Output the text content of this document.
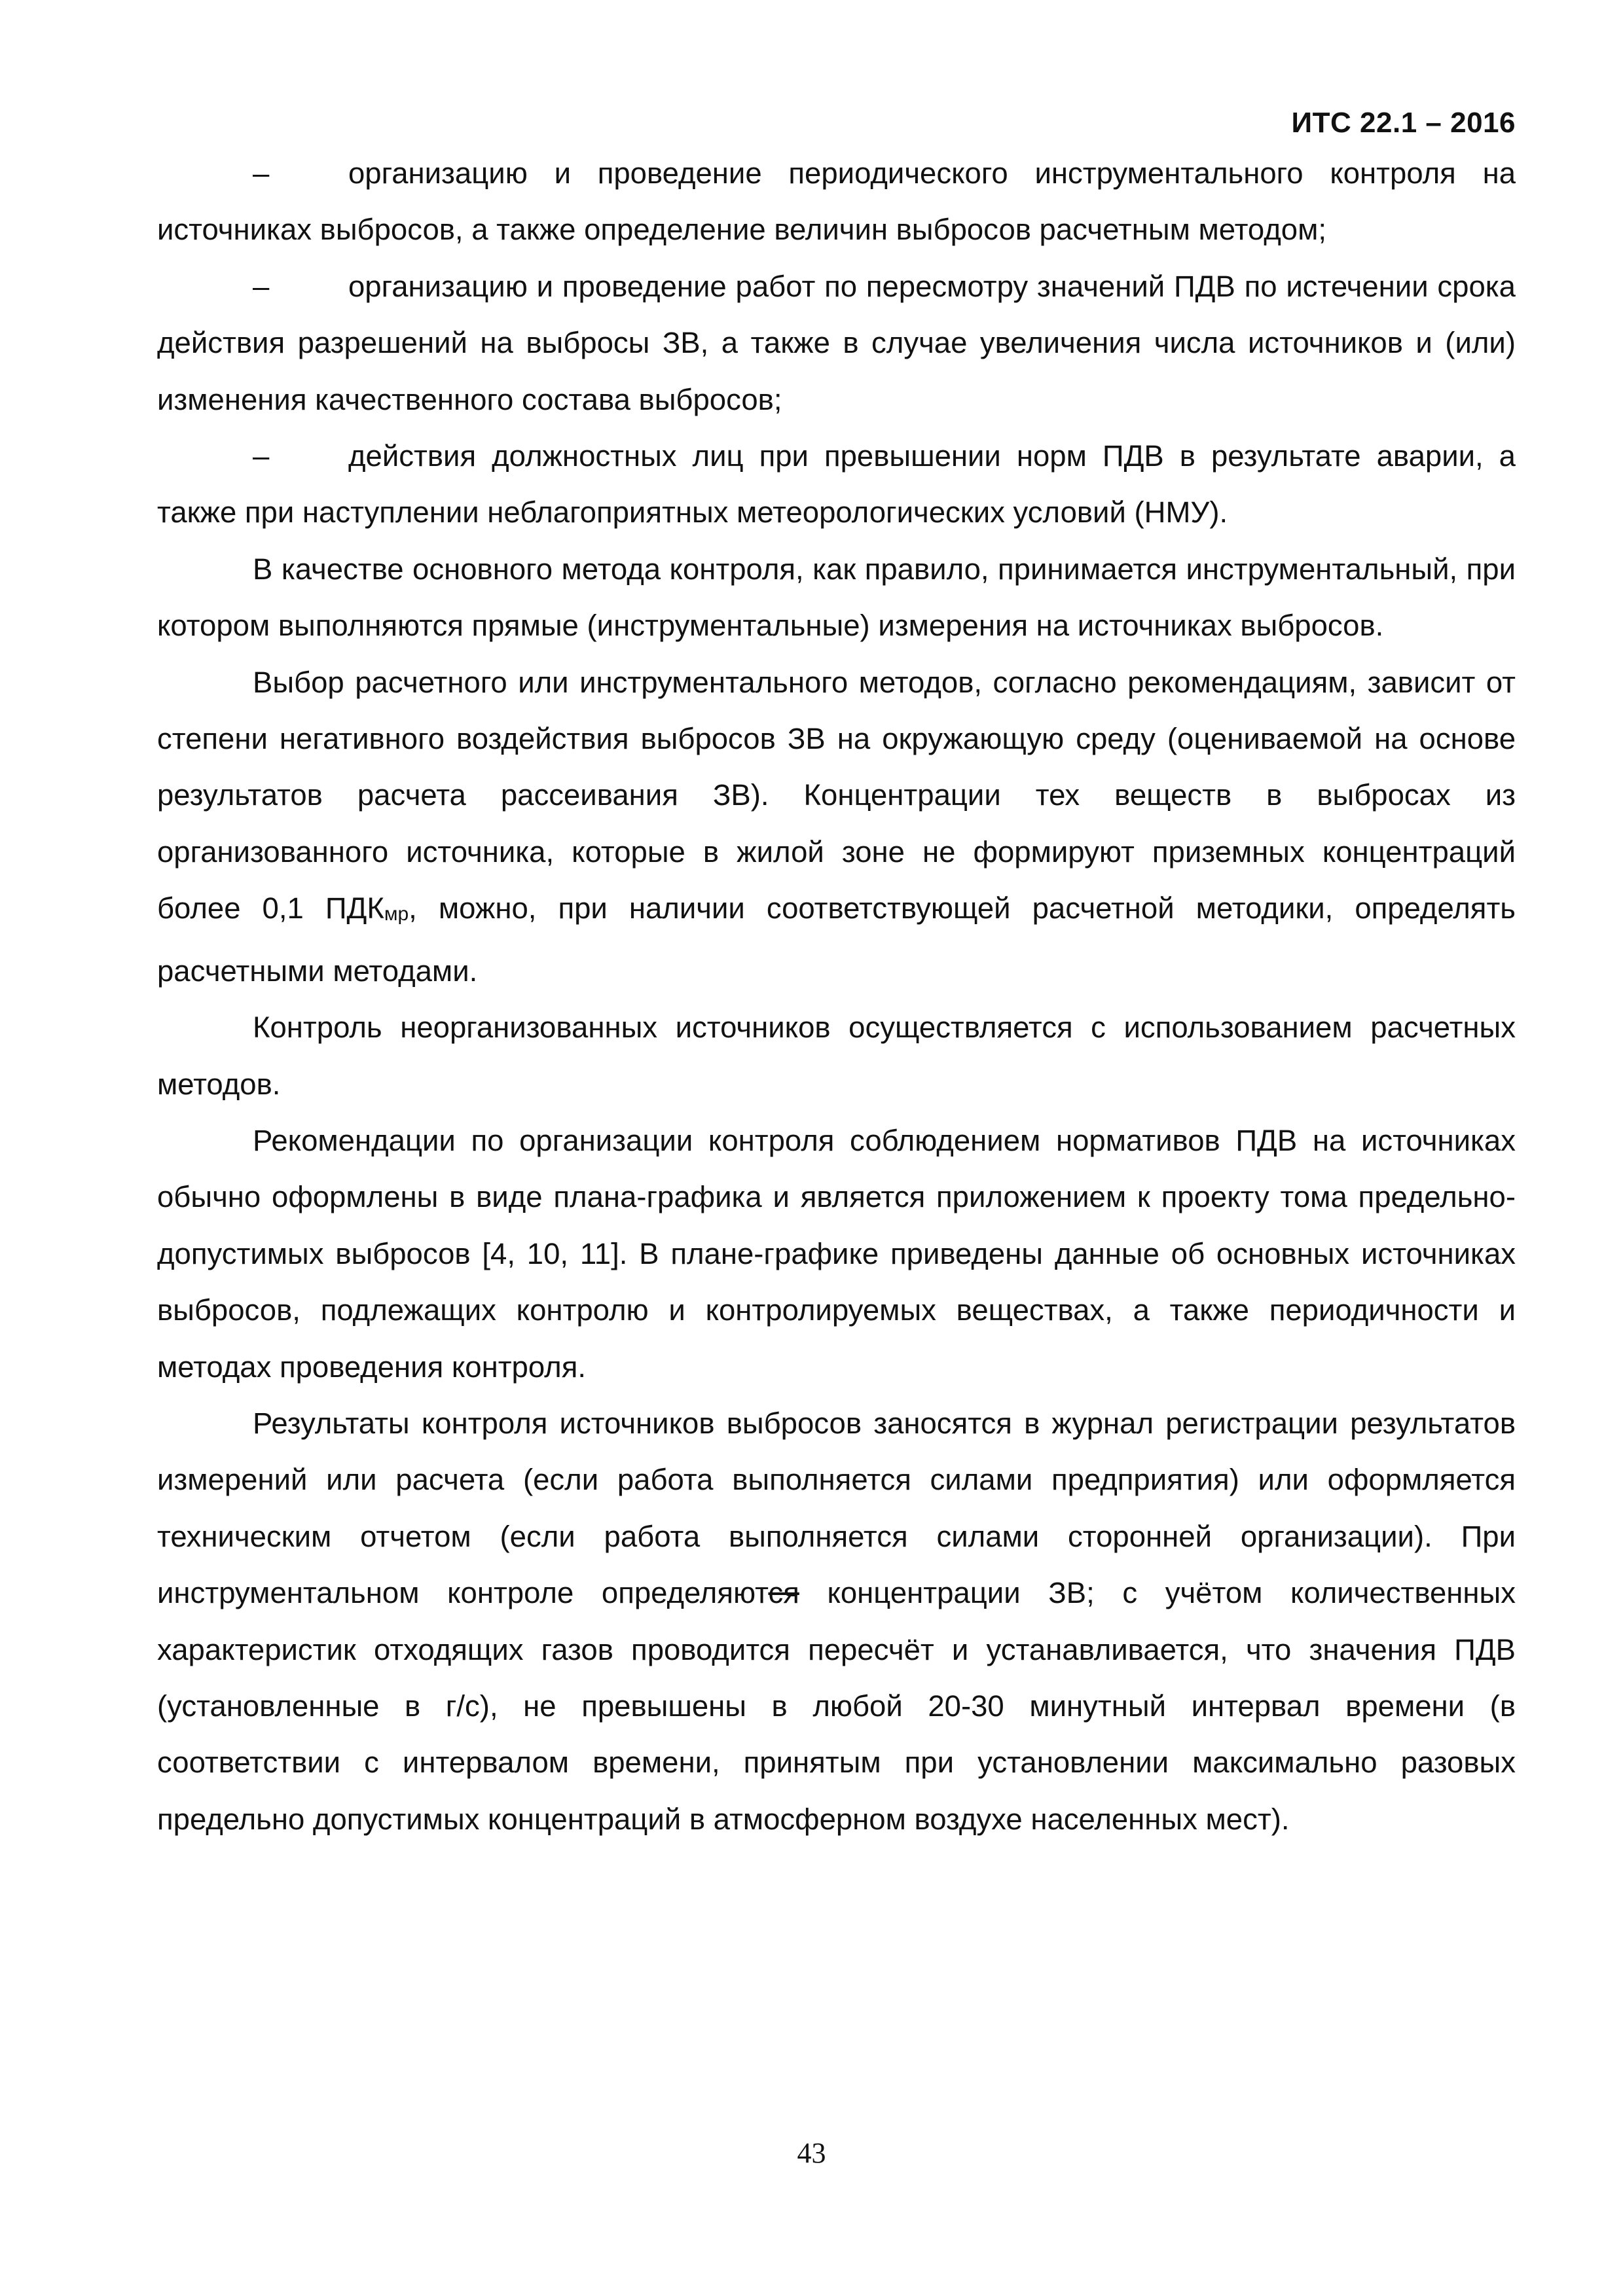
ИТС 22.1 – 2016

–	организацию и проведение периодического инструментального контроля на источниках выбросов, а также определение величин выбросов расчетным методом;

–	организацию и проведение работ по пересмотру значений ПДВ по истечении срока действия разрешений на выбросы ЗВ, а также в случае увеличения числа источников и (или) изменения качественного состава выбросов;

–	действия должностных лиц при превышении норм ПДВ в результате аварии, а также при наступлении неблагоприятных метеорологических условий (НМУ).

В качестве основного метода контроля, как правило, принимается инструментальный, при котором выполняются прямые (инструментальные) измерения на источниках выбросов.

Выбор расчетного или инструментального методов, согласно рекомендациям, зависит от степени негативного воздействия выбросов ЗВ на окружающую среду (оцениваемой на основе результатов расчета рассеивания ЗВ). Концентрации тех веществ в выбросах из организованного источника, которые в жилой зоне не формируют приземных концентраций более 0,1 ПДКмр, можно, при наличии соответствующей расчетной методики, определять расчетными методами.

Контроль неорганизованных источников осуществляется с использованием расчетных методов.

Рекомендации по организации контроля соблюдением нормативов ПДВ на источниках обычно оформлены в виде плана-графика и является приложением к проекту тома предельно-допустимых выбросов [4, 10, 11]. В плане-графике приведены данные об основных источниках выбросов, подлежащих контролю и контролируемых веществах, а также периодичности и методах проведения контроля.

Результаты контроля источников выбросов заносятся в журнал регистрации результатов измерений или расчета (если работа выполняется силами предприятия) или оформляется техническим отчетом (если работа выполняется силами сторонней организации). При инструментальном контроле определяются концентрации ЗВ; с учётом количественных характеристик отходящих газов проводится пересчёт и устанавливается, что значения ПДВ (установленные в г/с), не превышены в любой 20-30 минутный интервал времени (в соответствии с интервалом времени, принятым при установлении максимально разовых предельно допустимых концентраций в атмосферном воздухе населенных мест).

43
